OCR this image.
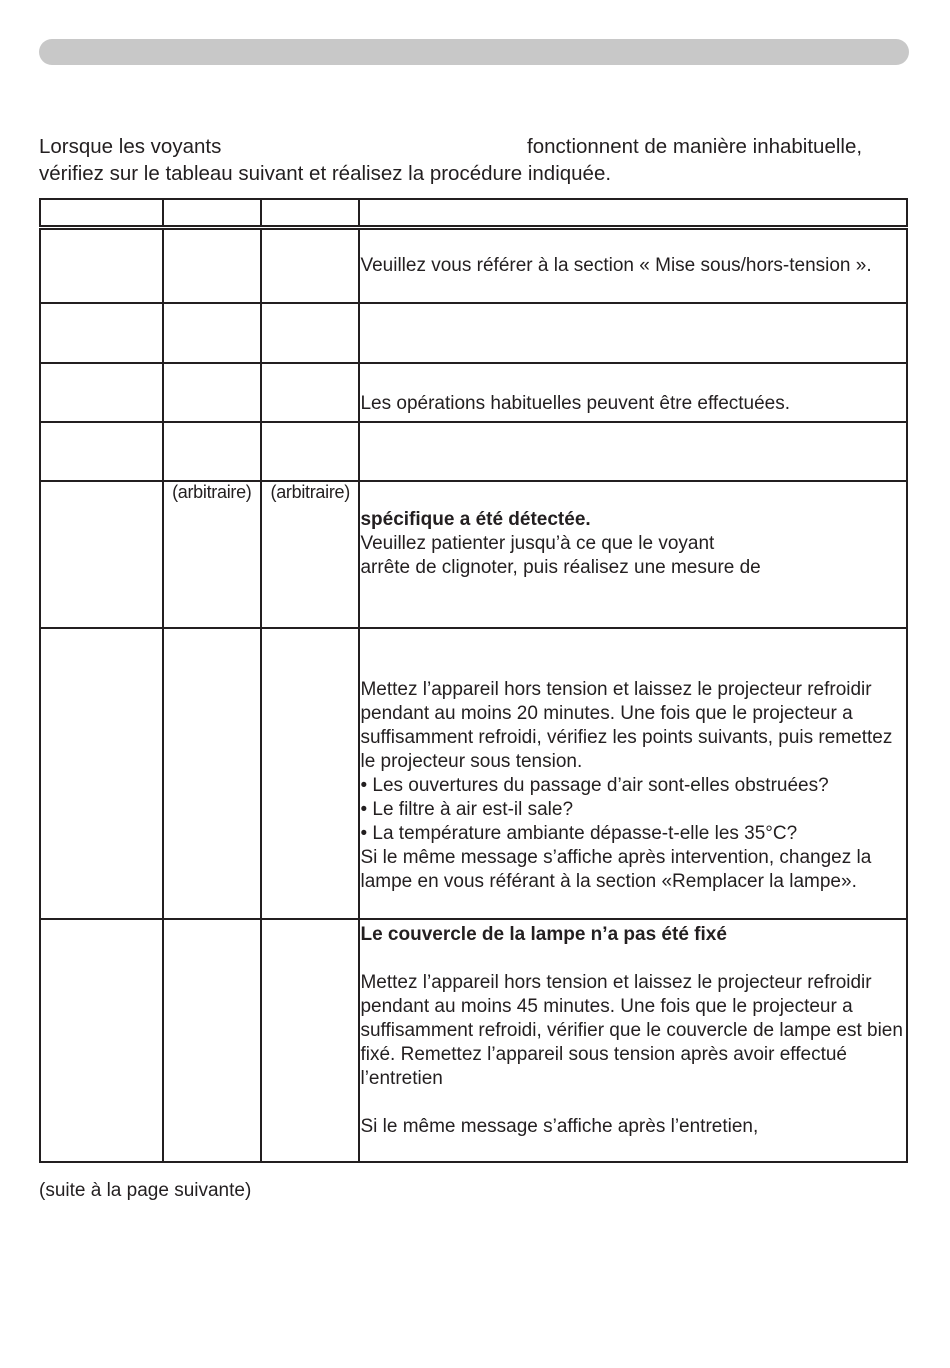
Lorsque les voyants	fonctionnent de manière inhabituelle,
vérifiez sur le tableau suivant et réalisez la procédure indiquée.

			Veuillez vous référer à la section « Mise sous/hors-tension ».

			Les opérations habituelles peuvent être effectuées.

	(arbitraire)	(arbitraire)	spécifique a été détectée.

Veuillez patienter jusqu’à ce que le voyant

arrête de clignoter, puis réalisez une mesure de

			Mettez l’appareil hors tension et laissez le projecteur refroidir pendant au moins 20 minutes. Une fois que le projecteur a suffisamment refroidi, vérifiez les points suivants, puis remettez le projecteur sous tension.

• Les ouvertures du passage d’air sont-elles obstruées?

• Le filtre à air est-il sale?

• La température ambiante dépasse-t-elle les 35°C?

Si le même message s’affiche après intervention, changez la lampe en vous référant à la section «Remplacer la lampe».

			Le couvercle de la lampe n’a pas été fixé

Mettez l’appareil hors tension et laissez le projecteur refroidir pendant au moins 45 minutes. Une fois que le projecteur a suffisamment refroidi, vérifier que le couvercle de lampe est bien fixé. Remettez l’appareil sous tension après avoir effectué l’entretien

Si le même message s’affiche après l’entretien,

(suite à la page suivante)
